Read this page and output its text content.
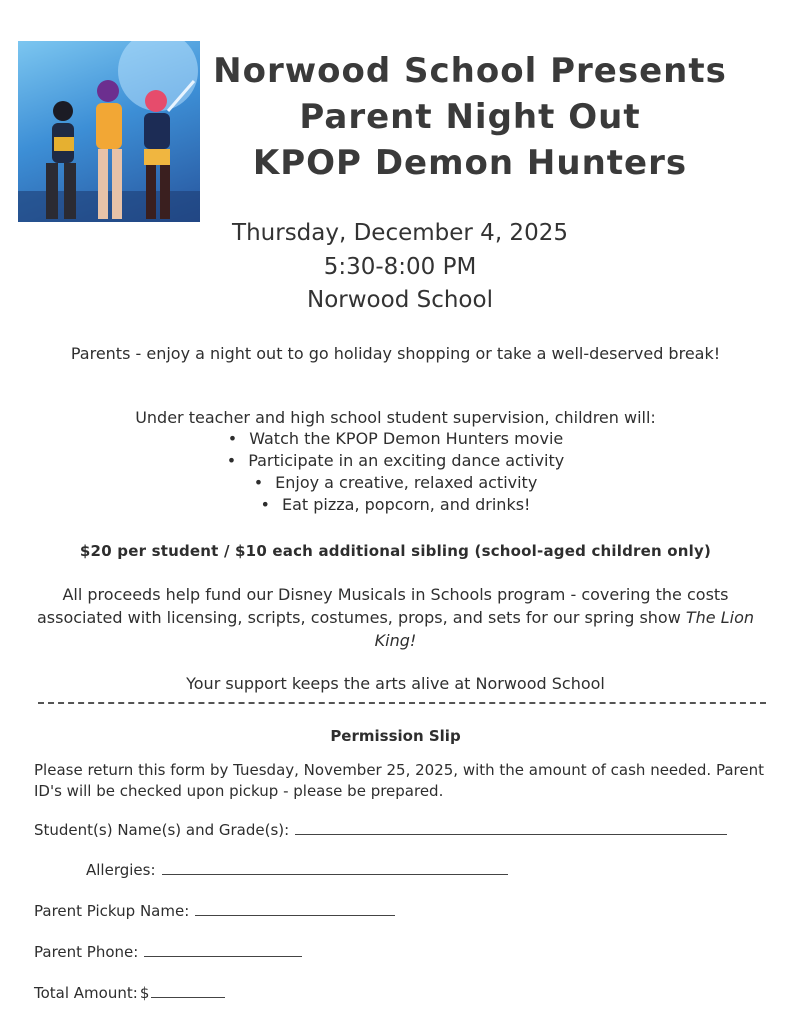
Norwood School Presents
Parent Night Out
KPOP Demon Hunters
Thursday, December 4, 2025
5:30-8:00 PM
Norwood School
Parents - enjoy a night out to go holiday shopping or take a well-deserved break!
Under teacher and high school student supervision, children will:
• Watch the KPOP Demon Hunters movie
• Participate in an exciting dance activity
• Enjoy a creative, relaxed activity
• Eat pizza, popcorn, and drinks!
$20 per student / $10 each additional sibling (school-aged children only)
All proceeds help fund our Disney Musicals in Schools program - covering the costs associated with licensing, scripts, costumes, props, and sets for our spring show The Lion King!
Your support keeps the arts alive at Norwood School
Permission Slip
Please return this form by Tuesday, November 25, 2025, with the amount of cash needed. Parent ID's will be checked upon pickup - please be prepared.
Student(s) Name(s) and Grade(s):
Allergies:
Parent Pickup Name:
Parent Phone:
Total Amount: $
